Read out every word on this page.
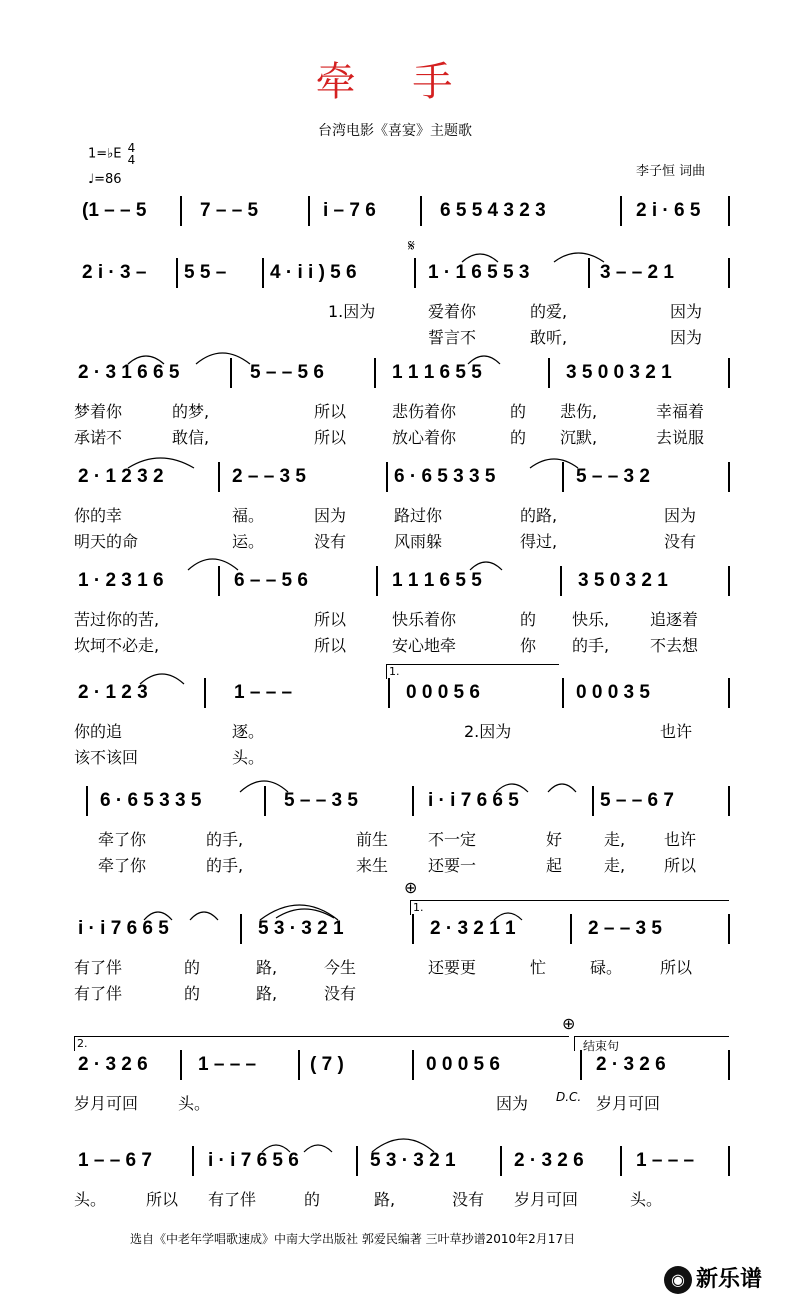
牵 手
台湾电影《喜宴》主题歌
1=♭E 4
4
♩=86
李子恒 词曲
(1 – – 5	7 – – 5	i – 7 6	6 5 5 4 3 2 3	2 i · 6 5
2 i · 3 – 5 5 – 4 · i i ) 5 6	1 · 1 6 5 5 3	3 – – 2 1
1.因为	爱着你	的爱,	因为
誓言不	敢听,	因为
2 · 3 1 6 6 5	5 – – 5 6	1 1 1 6 5 5	3 5 0 0 3 2 1
梦着你	的梦,	所以	悲伤着你	的 悲伤,	幸福着
承诺不	敢信,	所以	放心着你	的 沉默,	去说服
2 · 1 2 3 2	2 – – 3 5	6 · 6 5 3 3 5	5 – – 3 2
你的幸	福。	因为	路过你	的路,	因为
明天的命	运。	没有	风雨躲	得过,	没有
1 · 2 3 1 6	6 – – 5 6	1 1 1 6 5 5	3 5 0 3 2 1
苦过你的苦,	所以	快乐着你	的 快乐,	追逐着
坎坷不必走,	所以	安心地牵	你 的手,	不去想
2 · 1 2 3	1 – – –	0 0 0 5 6	0 0 0 3 5
你的追	逐。	2.因为	也许
该不该回	头。
6 · 6 5 3 3 5	5 – – 3 5	i · i 7 6 6 5	5 – – 6 7
牵了你	的手,	前生 不一定	好	走, 也许
牵了你	的手,	来生 还要一	起	走, 所以
i · i 7 6 6 5	5 3 · 3 2 1	2 · 3 2 1 1	2 – – 3 5
有了伴	的	路,	今生	还要更	忙	碌。 所以
有了伴	的	路,	没有
2 · 3 2 6	1 – – –	( 7 )	0 0 0 5 6	2 · 3 2 6
岁月可回 头。	因为	岁月可回
1 – – 6 7	i · i 7 6 5 6	5 3 · 3 2 1	2 · 3 2 6	1 – – –
头。 所以 有了伴	的	路,	没有 岁月可回	头。
𝄋
⊕
⊕
1.
1.
2.	结束句
D.C.
选自《中老年学唱歌速成》中南大学出版社 郭爱民编著 三叶草抄谱2010年2月17日
◉ 新乐谱
